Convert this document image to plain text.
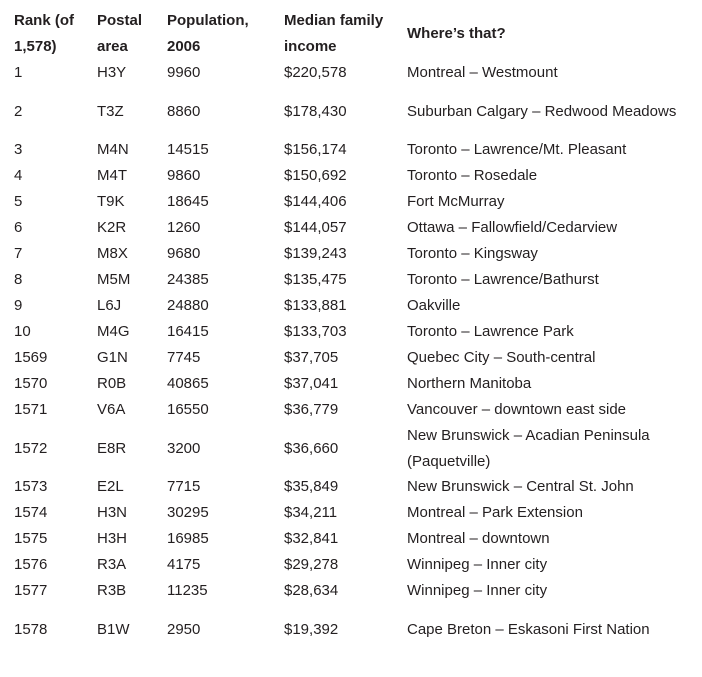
Rank (of 1,578)	Postal area	Population, 2006	Median family income	Where’s that?
1	H3Y	9960	$220,578	Montreal – Westmount
2	T3Z	8860	$178,430	Suburban Calgary – Redwood Meadows
3	M4N	14515	$156,174	Toronto – Lawrence/Mt. Pleasant
4	M4T	9860	$150,692	Toronto – Rosedale
5	T9K	18645	$144,406	Fort McMurray
6	K2R	1260	$144,057	Ottawa – Fallowfield/Cedarview
7	M8X	9680	$139,243	Toronto – Kingsway
8	M5M	24385	$135,475	Toronto – Lawrence/Bathurst
9	L6J	24880	$133,881	Oakville
10	M4G	16415	$133,703	Toronto – Lawrence Park
1569	G1N	7745	$37,705	Quebec City – South-central
1570	R0B	40865	$37,041	Northern Manitoba
1571	V6A	16550	$36,779	Vancouver – downtown east side
1572	E8R	3200	$36,660	New Brunswick – Acadian Peninsula (Paquetville)
1573	E2L	7715	$35,849	New Brunswick – Central St. John
1574	H3N	30295	$34,211	Montreal – Park Extension
1575	H3H	16985	$32,841	Montreal – downtown
1576	R3A	4175	$29,278	Winnipeg – Inner city
1577	R3B	11235	$28,634	Winnipeg – Inner city
1578	B1W	2950	$19,392	Cape Breton – Eskasoni First Nation
